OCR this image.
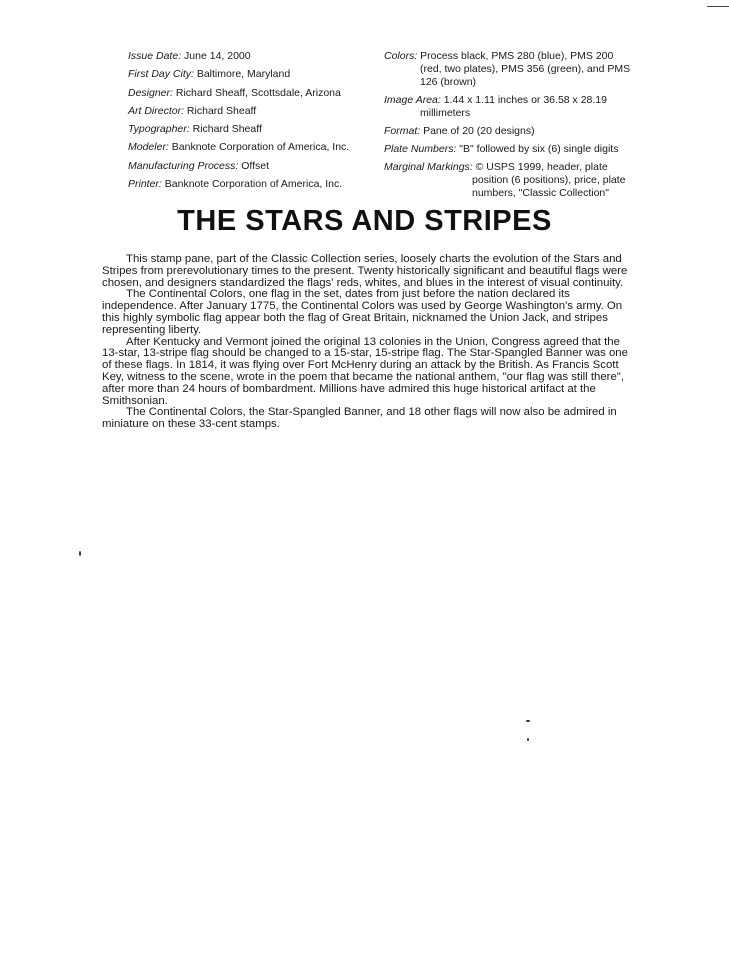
Issue Date: June 14, 2000
First Day City: Baltimore, Maryland
Designer: Richard Sheaff, Scottsdale, Arizona
Art Director: Richard Sheaff
Typographer: Richard Sheaff
Modeler: Banknote Corporation of America, Inc.
Manufacturing Process: Offset
Printer: Banknote Corporation of America, Inc.
Colors: Process black, PMS 280 (blue), PMS 200 (red, two plates), PMS 356 (green), and PMS 126 (brown)
Image Area: 1.44 x 1.11 inches or 36.58 x 28.19 millimeters
Format: Pane of 20 (20 designs)
Plate Numbers: "B" followed by six (6) single digits
Marginal Markings: © USPS 1999, header, plate position (6 positions), price, plate numbers, "Classic Collection"
THE STARS AND STRIPES

This stamp pane, part of the Classic Collection series, loosely charts the evolution of the Stars and Stripes from prerevolutionary times to the present. Twenty historically significant and beautiful flags were chosen, and designers standardized the flags' reds, whites, and blues in the interest of visual continuity.

The Continental Colors, one flag in the set, dates from just before the nation declared its independence. After January 1775, the Continental Colors was used by George Washington's army. On this highly symbolic flag appear both the flag of Great Britain, nicknamed the Union Jack, and stripes representing liberty.

After Kentucky and Vermont joined the original 13 colonies in the Union, Congress agreed that the 13-star, 13-stripe flag should be changed to a 15-star, 15-stripe flag. The Star-Spangled Banner was one of these flags. In 1814, it was flying over Fort McHenry during an attack by the British. As Francis Scott Key, witness to the scene, wrote in the poem that became the national anthem, "our flag was still there", after more than 24 hours of bombardment. Millions have admired this huge historical artifact at the Smithsonian.

The Continental Colors, the Star-Spangled Banner, and 18 other flags will now also be admired in miniature on these 33-cent stamps.
